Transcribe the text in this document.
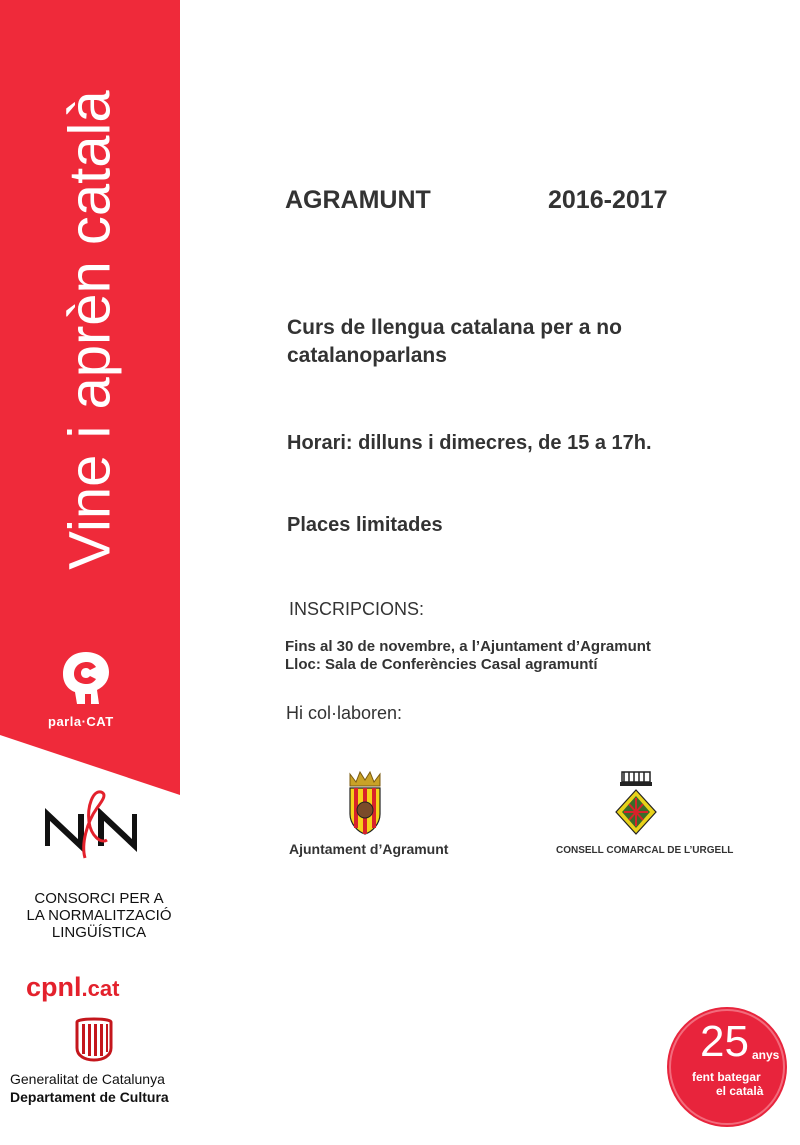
Vine i aprèn català
parla·CAT
AGRAMUNT	2016-2017
Curs de llengua catalana per a no catalanoparlans
Horari: dilluns i dimecres, de 15 a 17h.
Places limitades
INSCRIPCIONS:
Fins al 30 de novembre, a l’Ajuntament d’Agramunt
Lloc: Sala de Conferències Casal agramuntí
Hi col·laboren:
Ajuntament d’Agramunt	CONSELL COMARCAL DE L’URGELL
CONSORCI PER A
LA NORMALITZACIÓ
LINGÜÍSTICA
cpnl.cat
Generalitat de Catalunya
Departament de Cultura
25 anys
fent bategar
el català
